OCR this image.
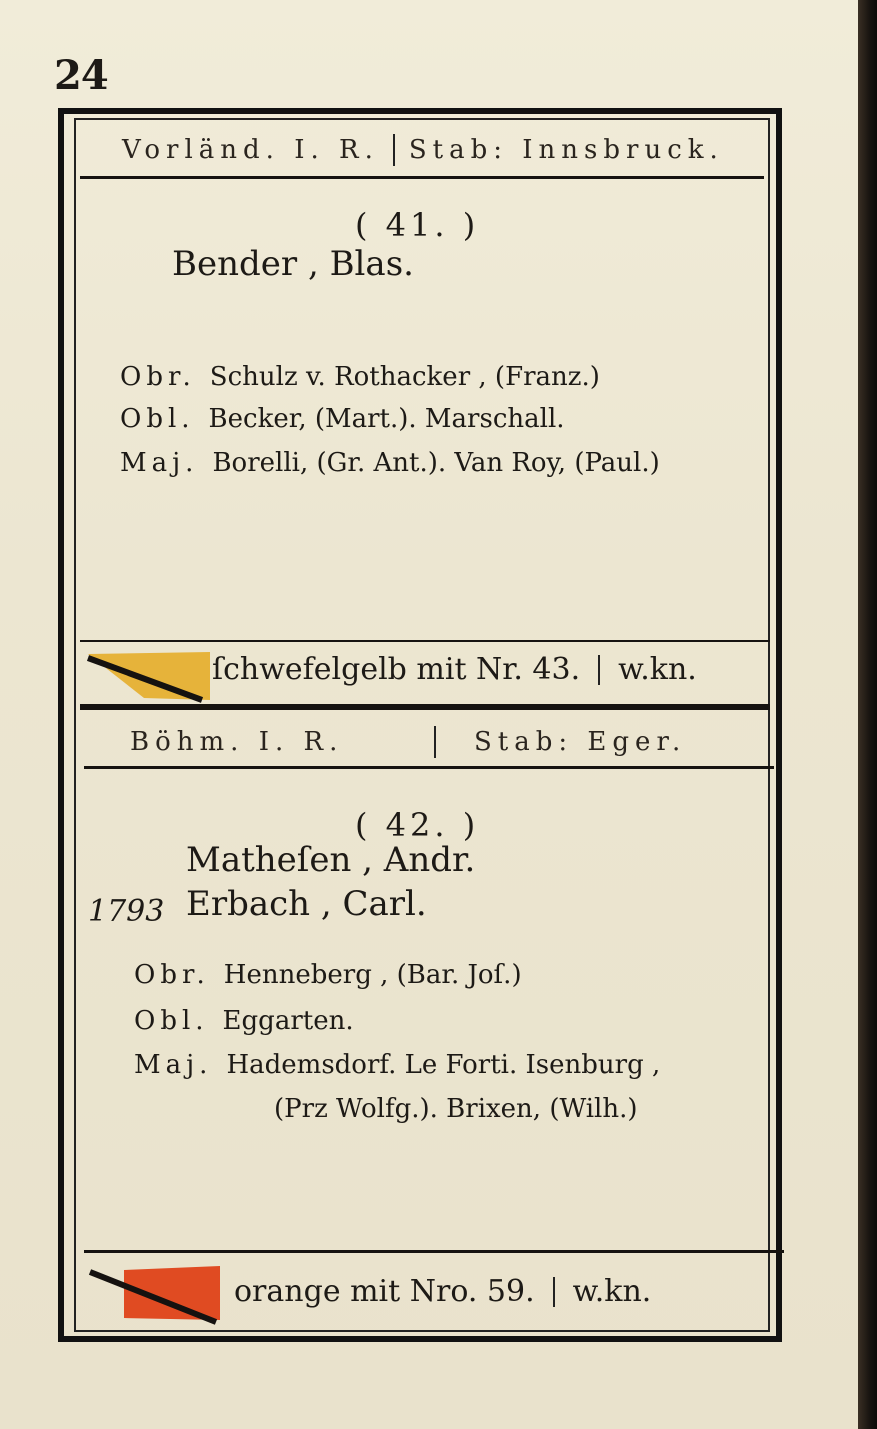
24
Vorländ. I. R. Stab: Innsbruck.
( 41. )
Bender , Blas.
Obr. Schulz v. Rothacker , (Franz.)
Obl. Becker, (Mart.). Marschall.
Maj. Borelli, (Gr. Ant.). Van Roy, (Paul.)
ſchwefelgelb mit Nr. 43. w.kn.
Böhm. I. R.	Stab: Eger.
( 42. )
Matheſen , Andr.
1793 Erbach , Carl.
Obr. Henneberg , (Bar. Joſ.)
Obl. Eggarten.
Maj. Hademsdorf. Le Forti. Isenburg ,
(Prz Wolfg.). Brixen, (Wilh.)
orange mit Nro. 59. w.kn.
